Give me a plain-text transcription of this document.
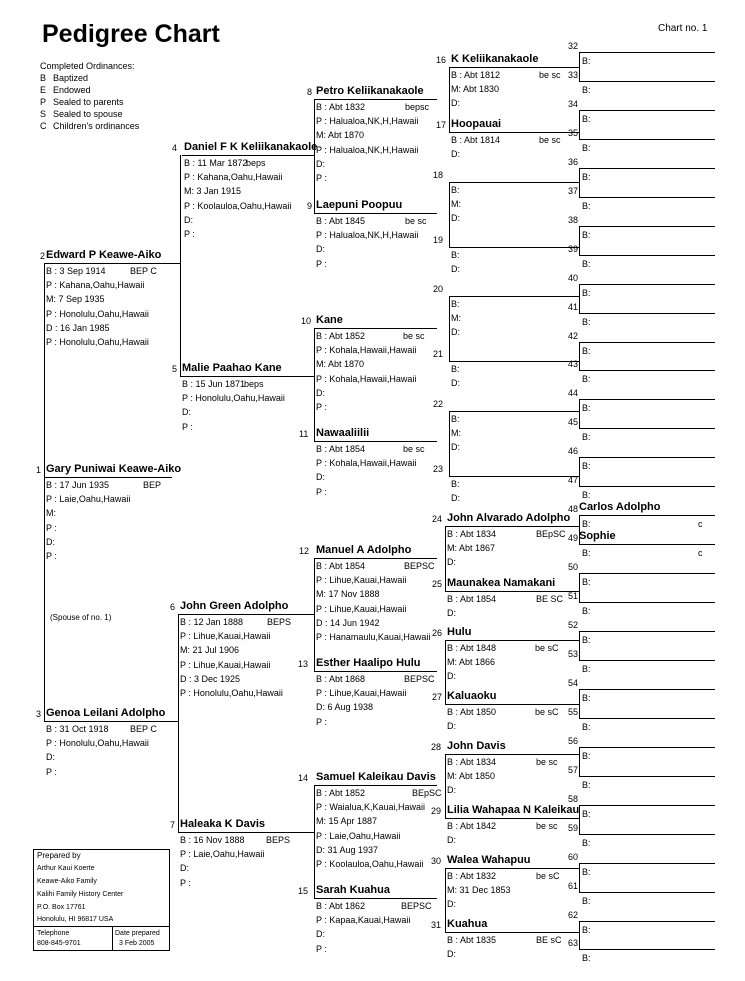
Pedigree Chart	Chart no. 1
Completed Ordinances:
B Baptized
E Endowed
P Sealed to parents
S Sealed to spouse
C Children's ordinances
(Spouse of no. 1)
Prepared by
Arthur Kaui Koerte
Keawe-Aiko Family
Kalihi Family History Center
P.O. Box 17761
Honolulu, HI 96817 USA
Telephone
808-845-9701
Date prepared
3 Feb 2005
1 Gary Puniwai Keawe-Aiko
B : 17 Jun 1935
P : Laie,Oahu,Hawaii
M:
P :
D:
P :
BEP
2 Edward P Keawe-Aiko
B : 3 Sep 1914
P : Kahana,Oahu,Hawaii
M: 7 Sep 1935
P : Honolulu,Oahu,Hawaii
D : 16 Jan 1985
P : Honolulu,Oahu,Hawaii
BEP C
3 Genoa Leilani Adolpho
B : 31 Oct 1918
P : Honolulu,Oahu,Hawaii
D:
P :
BEP C
4 Daniel F K Keliikanakaole
B : 11 Mar 1872
P : Kahana,Oahu,Hawaii
M: 3 Jan 1915
P : Koolauloa,Oahu,Hawaii
D:
P :
beps
5 Malie Paahao Kane
B : 15 Jun 1871
P : Honolulu,Oahu,Hawaii
D:
P :
beps
6 John Green Adolpho
B : 12 Jan 1888
P : Lihue,Kauai,Hawaii
M: 21 Jul 1906
P : Lihue,Kauai,Hawaii
D : 3 Dec 1925
P : Honolulu,Oahu,Hawaii
BEPS
7 Haleaka K Davis
B : 16 Nov 1888
P : Laie,Oahu,Hawaii
D:
P :
BEPS
8 Petro Keliikanakaole
B : Abt 1832
P : Halualoa,NK,H,Hawaii
M: Abt 1870
P : Halualoa,NK,H,Hawaii
D:
P :
bepsc
9 Laepuni Poopuu
B : Abt 1845
P : Halualoa,NK,H,Hawaii
D:
P :
be sc
10 Kane
B : Abt 1852
P : Kohala,Hawaii,Hawaii
M: Abt 1870
P : Kohala,Hawaii,Hawaii
D:
P :
be sc
11 Nawaaliilii
B : Abt 1854
P : Kohala,Hawaii,Hawaii
D:
P :
be sc
12 Manuel A Adolpho
B : Abt 1854
P : Lihue,Kauai,Hawaii
M: 17 Nov 1888
P : Lihue,Kauai,Hawaii
D : 14 Jun 1942
P : Hanamaulu,Kauai,Hawaii
BEPSC
13 Esther Haalipo Hulu
B : Abt 1868
P : Lihue,Kauai,Hawaii
D: 6 Aug 1938
P :
BEPSC
14 Samuel Kaleikau Davis
B : Abt 1852
P : Waialua,K,Kauai,Hawaii
M: 15 Apr 1887
P : Laie,Oahu,Hawaii
D: 31 Aug 1937
P : Koolauloa,Oahu,Hawaii
BEpSC
15 Sarah Kuahua
B : Abt 1862
P : Kapaa,Kauai,Hawaii
D:
P :
BEPSC
16 K Keliikanakaole
B : Abt 1812
M: Abt 1830
D:
be sc
17 Hoopauai
B : Abt 1814
D:
be sc
18
B:
M:
D:
19
B:
D:
20
B:
M:
D:
21
B:
D:
22
B:
M:
D:
23
B:
D:
24 John Alvarado Adolpho
B : Abt 1834
M: Abt 1867
D:
BEpSC
25 Maunakea Namakani
B : Abt 1854
D:
BE SC
26 Hulu
B : Abt 1848
M: Abt 1866
D:
be sC
27 Kaluaoku
B : Abt 1850
D:
be sC
28 John Davis
B : Abt 1834
M: Abt 1850
D:
be sc
29 Lilia Wahapaa N Kaleikau
B : Abt 1842
D:
be sc
30 Walea Wahapuu
B : Abt 1832
M: 31 Dec 1853
D:
be sC
31 Kuahua
B : Abt 1835
D:
BE sC
32
B:
33
B:
34
B:
35
B:
36
B:
37
B:
38
B:
39
B:
40
B:
41
B:
42
B:
43
B:
44
B:
45
B:
46
B:
47
B:
48 Carlos Adolpho
B:	c
49 Sophie
B:	c
50
B:
51
B:
52
B:
53
B:
54
B:
55
B:
56
B:
57
B:
58
B:
59
B:
60
B:
61
B:
62
B:
63
B:
